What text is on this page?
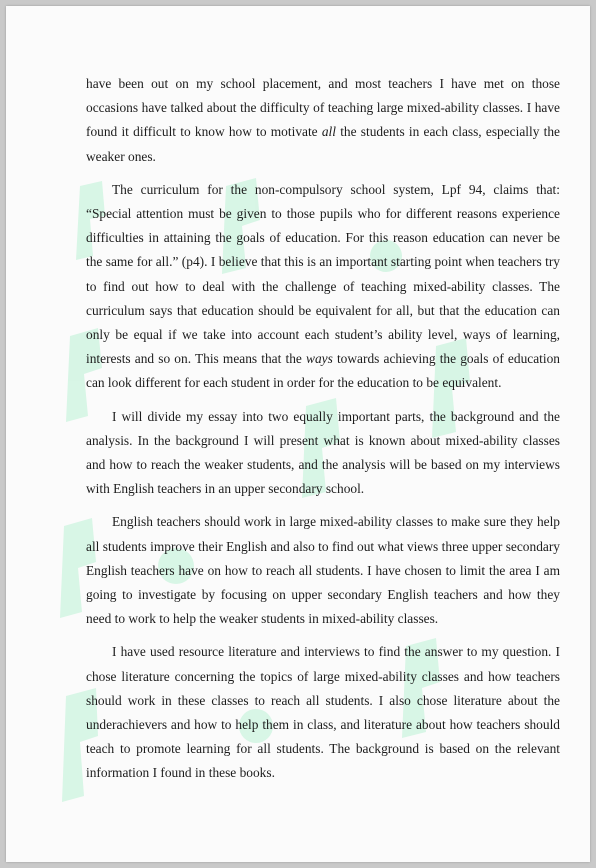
have been out on my school placement, and most teachers I have met on those occasions have talked about the difficulty of teaching large mixed-ability classes. I have found it difficult to know how to motivate all the students in each class, especially the weaker ones.

The curriculum for the non-compulsory school system, Lpf 94, claims that: “Special attention must be given to those pupils who for different reasons experience difficulties in attaining the goals of education. For this reason education can never be the same for all.” (p4). I believe that this is an important starting point when teachers try to find out how to deal with the challenge of teaching mixed-ability classes. The curriculum says that education should be equivalent for all, but that the education can only be equal if we take into account each student’s ability level, ways of learning, interests and so on. This means that the ways towards achieving the goals of education can look different for each student in order for the education to be equivalent.

I will divide my essay into two equally important parts, the background and the analysis. In the background I will present what is known about mixed-ability classes and how to reach the weaker students, and the analysis will be based on my interviews with English teachers in an upper secondary school.

English teachers should work in large mixed-ability classes to make sure they help all students improve their English and also to find out what views three upper secondary English teachers have on how to reach all students. I have chosen to limit the area I am going to investigate by focusing on upper secondary English teachers and how they need to work to help the weaker students in mixed-ability classes.

I have used resource literature and interviews to find the answer to my question. I chose literature concerning the topics of large mixed-ability classes and how teachers should work in these classes to reach all students. I also chose literature about the underachievers and how to help them in class, and literature about how teachers should teach to promote learning for all students. The background is based on the relevant information I found in these books.
